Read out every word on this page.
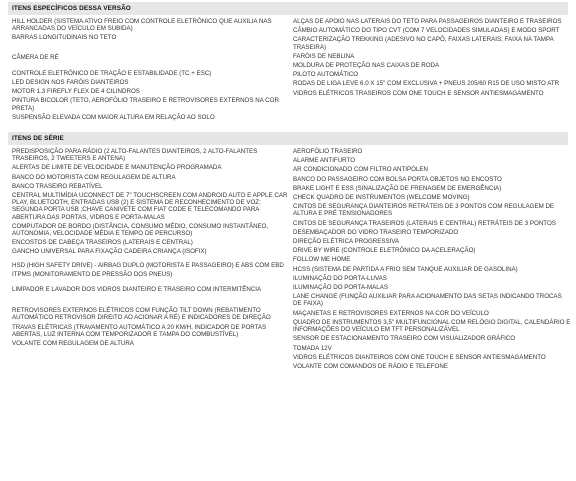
ITENS ESPECÍFICOS DESSA VERSÃO
HILL HOLDER (SISTEMA ATIVO FREIO COM CONTROLE ELETRÔNICO QUE AUXILIA NAS ARRANCADAS DO VEÍCULO EM SUBIDA)
BARRAS LONGITUDINAIS NO TETO
CÂMERA DE RÉ
CONTROLE ELETRÔNICO DE TRAÇÃO E ESTABILIDADE (TC + ESC)
LED DESIGN NOS FARÓIS DIANTEIROS
MOTOR 1.3 FIREFLY FLEX DE 4 CILINDROS
PINTURA BICOLOR (TETO, AEROFÓLIO TRASEIRO E RETROVISORES EXTERNOS NA COR PRETA)
SUSPENSÃO ELEVADA COM MAIOR ALTURA EM RELAÇÃO AO SOLO
ALÇAS DE APOIO NAS LATERAIS DO TETO PARA PASSAGEIROS DIANTEIRO E TRASEIROS
CÂMBIO AUTOMÁTICO DO TIPO CVT (COM 7 VELOCIDADES SIMULADAS) E MODO SPORT
CARACTERIZAÇÃO TREKKING (ADESIVO NO CAPÔ, FAIXAS LATERAIS, FAIXA NA TAMPA TRASEIRA)
FARÓIS DE NEBLINA
MOLDURA DE PROTEÇÃO NAS CAIXAS DE RODA
PILOTO AUTOMÁTICO
RODAS DE LIGA LEVE 6.0 X 15" COM EXCLUSIVA + PNEUS 205/60 R15 DE USO MISTO ATR
VIDROS ELÉTRICOS TRASEIROS COM ONE TOUCH E SENSOR ANTIESMAGAMENTO
ITENS DE SÉRIE
PREDISPOSIÇÃO PARA RÁDIO (2 ALTO-FALANTES DIANTEIROS, 2 ALTO-FALANTES TRASEIROS, 2 TWEETERS E ANTENA)
ALERTAS DE LIMITE DE VELOCIDADE E MANUTENÇÃO PROGRAMADA
BANCO DO MOTORISTA COM REGULAGEM DE ALTURA
BANCO TRASEIRO REBATÍVEL
CENTRAL MULTIMÍDIA UCONNECT DE 7" TOUCHSCREEN COM ANDROID AUTO E APPLE CAR PLAY, BLUETOOTH, ENTRADAS USB (2) E SISTEMA DE RECONHECIMENTO DE VOZ; SEGUNDA PORTA USB ;CHAVE CANIVETE COM FIAT CODE E TELECOMANDO PARA ABERTURA DAS PORTAS, VIDROS E PORTA-MALAS
COMPUTADOR DE BORDO (DISTÂNCIA, CONSUMO MÉDIO, CONSUMO INSTANTÂNEO, AUTONOMIA, VELOCIDADE MÉDIA E TEMPO DE PERCURSO)
ENCOSTOS DE CABEÇA TRASEIROS (LATERAIS E CENTRAL)
GANCHO UNIVERSAL PARA FIXAÇÃO CADEIRA CRIANÇA (ISOFIX)
HSD (HIGH SAFETY DRIVE) - AIRBAG DUPLO (MOTORISTA E PASSAGEIRO) E ABS COM EBD
ITPMS (MONITORAMENTO DE PRESSÃO DOS PNEUS)
LIMPADOR E LAVADOR DOS VIDROS DIANTEIRO E TRASEIRO COM INTERMITÊNCIA
RETROVISORES EXTERNOS ELÉTRICOS COM FUNÇÃO TILT DOWN (REBATIMENTO AUTOMÁTICO RETROVISOR DIREITO AO ACIONAR A RÉ) E INDICADORES DE DIREÇÃO
TRAVAS ELÉTRICAS (TRAVAMENTO AUTOMÁTICO A 20 KM/H, INDICADOR DE PORTAS ABERTAS, LUZ INTERNA COM TEMPORIZADOR E TAMPA DO COMBUSTÍVEL)
VOLANTE COM REGULAGEM DE ALTURA
AEROFÓLIO TRASEIRO
ALARME ANTIFURTO
AR CONDICIONADO COM FILTRO ANTIPÓLEN
BANCO DO PASSAGEIRO COM BOLSA PORTA OBJETOS NO ENCOSTO
BRAKE LIGHT E ESS (SINALIZAÇÃO DE FRENAGEM DE EMERGÊNCIA)
CHECK QUADRO DE INSTRUMENTOS (WELCOME MOVING)
CINTOS DE SEGURANÇA DIANTEIROS RETRÁTEIS DE 3 PONTOS COM REGULAGEM DE ALTURA E PRÉ TENSIONADORES
CINTOS DE SEGURANÇA TRASEIROS (LATERAIS E CENTRAL) RETRÁTEIS DE 3 PONTOS
DESEMBAÇADOR DO VIDRO TRASEIRO TEMPORIZADO
DIREÇÃO ELÉTRICA PROGRESSIVA
DRIVE BY WIRE (CONTROLE ELETRÔNICO DA ACELERAÇÃO)
FOLLOW ME HOME
HCSS (SISTEMA DE PARTIDA A FRIO SEM TANQUE AUXILIAR DE GASOLINA)
ILUMINAÇÃO DO PORTA-LUVAS
ILUMINAÇÃO DO PORTA-MALAS
LANE CHANGE (FUNÇÃO AUXILIAR PARA ACIONAMENTO DAS SETAS INDICANDO TROCAS DE FAIXA)
MAÇANETAS E RETROVISORES EXTERNOS NA COR DO VEÍCULO
QUADRO DE INSTRUMENTOS 3,5" MULTIFUNCIONAL COM RELÓGIO DIGITAL, CALENDÁRIO E INFORMAÇÕES DO VEÍCULO EM TFT PERSONALIZÁVEL
SENSOR DE ESTACIONAMENTO TRASEIRO COM VISUALIZADOR GRÁFICO
TOMADA 12V
VIDROS ELÉTRICOS DIANTEIROS COM ONE TOUCH E SENSOR ANTIESMAGAMENTO
VOLANTE COM COMANDOS DE RÁDIO E TELEFONE
